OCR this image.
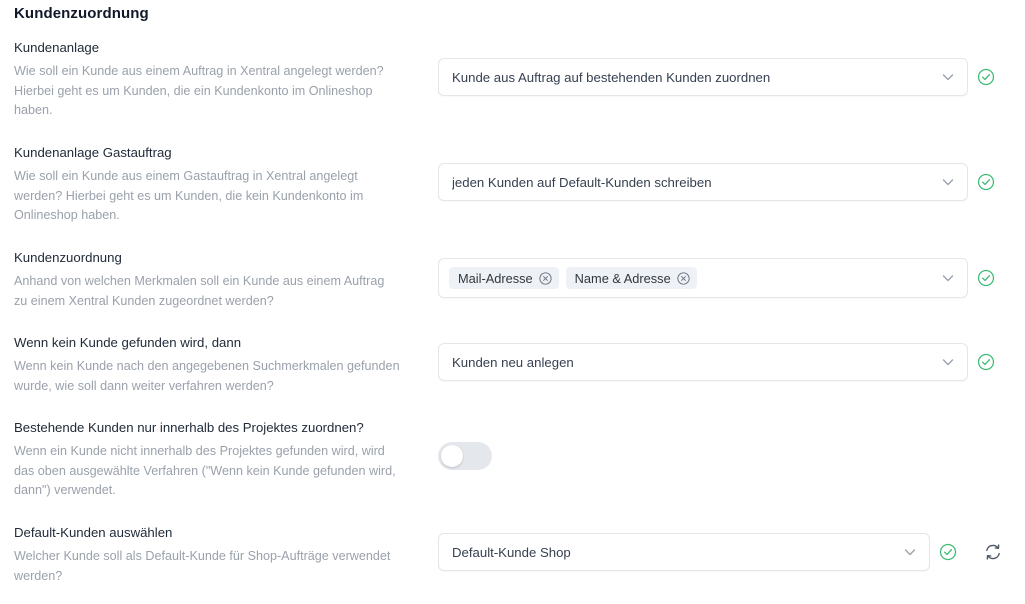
Kundenzuordnung
Kundenanlage
Wie soll ein Kunde aus einem Auftrag in Xentral angelegt werden? Hierbei geht es um Kunden, die ein Kundenkonto im Onlineshop haben.
Kunde aus Auftrag auf bestehenden Kunden zuordnen
Kundenanlage Gastauftrag
Wie soll ein Kunde aus einem Gastauftrag in Xentral angelegt werden? Hierbei geht es um Kunden, die kein Kundenkonto im Onlineshop haben.
jeden Kunden auf Default-Kunden schreiben
Kundenzuordnung
Anhand von welchen Merkmalen soll ein Kunde aus einem Auftrag zu einem Xentral Kunden zugeordnet werden?
Mail-Adresse	Name & Adresse
Wenn kein Kunde gefunden wird, dann
Wenn kein Kunde nach den angegebenen Suchmerkmalen gefunden wurde, wie soll dann weiter verfahren werden?
Kunden neu anlegen
Bestehende Kunden nur innerhalb des Projektes zuordnen?
Wenn ein Kunde nicht innerhalb des Projektes gefunden wird, wird das oben ausgewählte Verfahren ("Wenn kein Kunde gefunden wird, dann") verwendet.
Default-Kunden auswählen
Welcher Kunde soll als Default-Kunde für Shop-Aufträge verwendet werden?
Default-Kunde Shop
